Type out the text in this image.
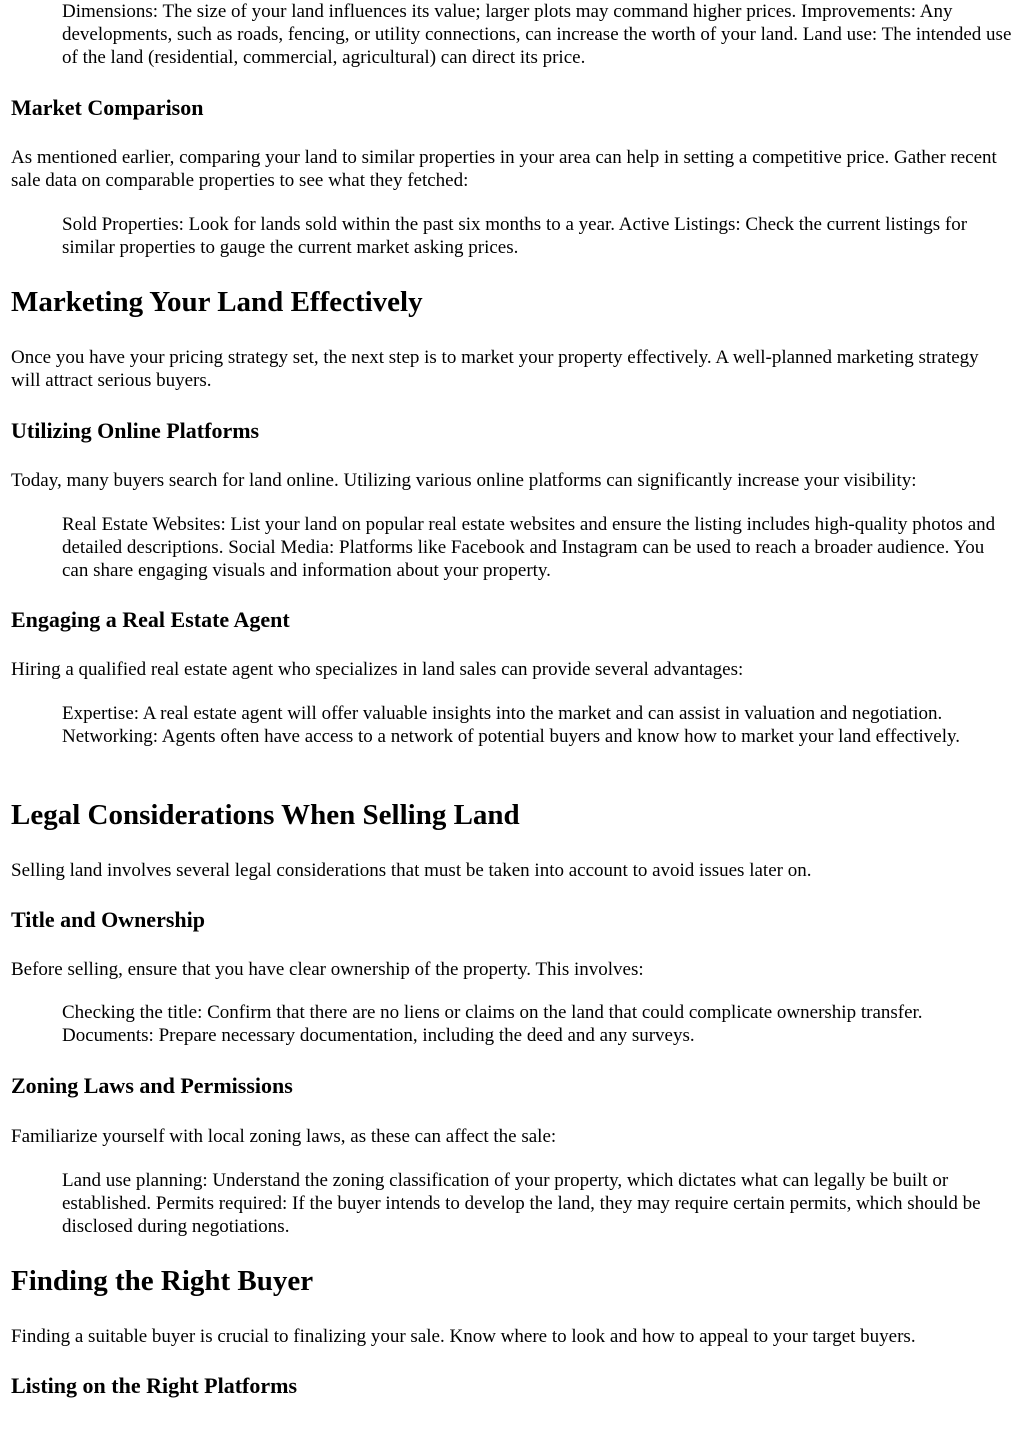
Dimensions: The size of your land influences its value; larger plots may command higher prices. Improvements: Any developments, such as roads, fencing, or utility connections, can increase the worth of your land. Land use: The intended use of the land (residential, commercial, agricultural) can direct its price.

Market Comparison

As mentioned earlier, comparing your land to similar properties in your area can help in setting a competitive price. Gather recent sale data on comparable properties to see what they fetched:

Sold Properties: Look for lands sold within the past six months to a year. Active Listings: Check the current listings for similar properties to gauge the current market asking prices.

Marketing Your Land Effectively

Once you have your pricing strategy set, the next step is to market your property effectively. A well-planned marketing strategy will attract serious buyers.

Utilizing Online Platforms

Today, many buyers search for land online. Utilizing various online platforms can significantly increase your visibility:

Real Estate Websites: List your land on popular real estate websites and ensure the listing includes high-quality photos and detailed descriptions. Social Media: Platforms like Facebook and Instagram can be used to reach a broader audience. You can share engaging visuals and information about your property.

Engaging a Real Estate Agent

Hiring a qualified real estate agent who specializes in land sales can provide several advantages:

Expertise: A real estate agent will offer valuable insights into the market and can assist in valuation and negotiation. Networking: Agents often have access to a network of potential buyers and know how to market your land effectively.

Legal Considerations When Selling Land

Selling land involves several legal considerations that must be taken into account to avoid issues later on.

Title and Ownership

Before selling, ensure that you have clear ownership of the property. This involves:

Checking the title: Confirm that there are no liens or claims on the land that could complicate ownership transfer. Documents: Prepare necessary documentation, including the deed and any surveys.

Zoning Laws and Permissions

Familiarize yourself with local zoning laws, as these can affect the sale:

Land use planning: Understand the zoning classification of your property, which dictates what can legally be built or established. Permits required: If the buyer intends to develop the land, they may require certain permits, which should be disclosed during negotiations.

Finding the Right Buyer

Finding a suitable buyer is crucial to finalizing your sale. Know where to look and how to appeal to your target buyers.

Listing on the Right Platforms
